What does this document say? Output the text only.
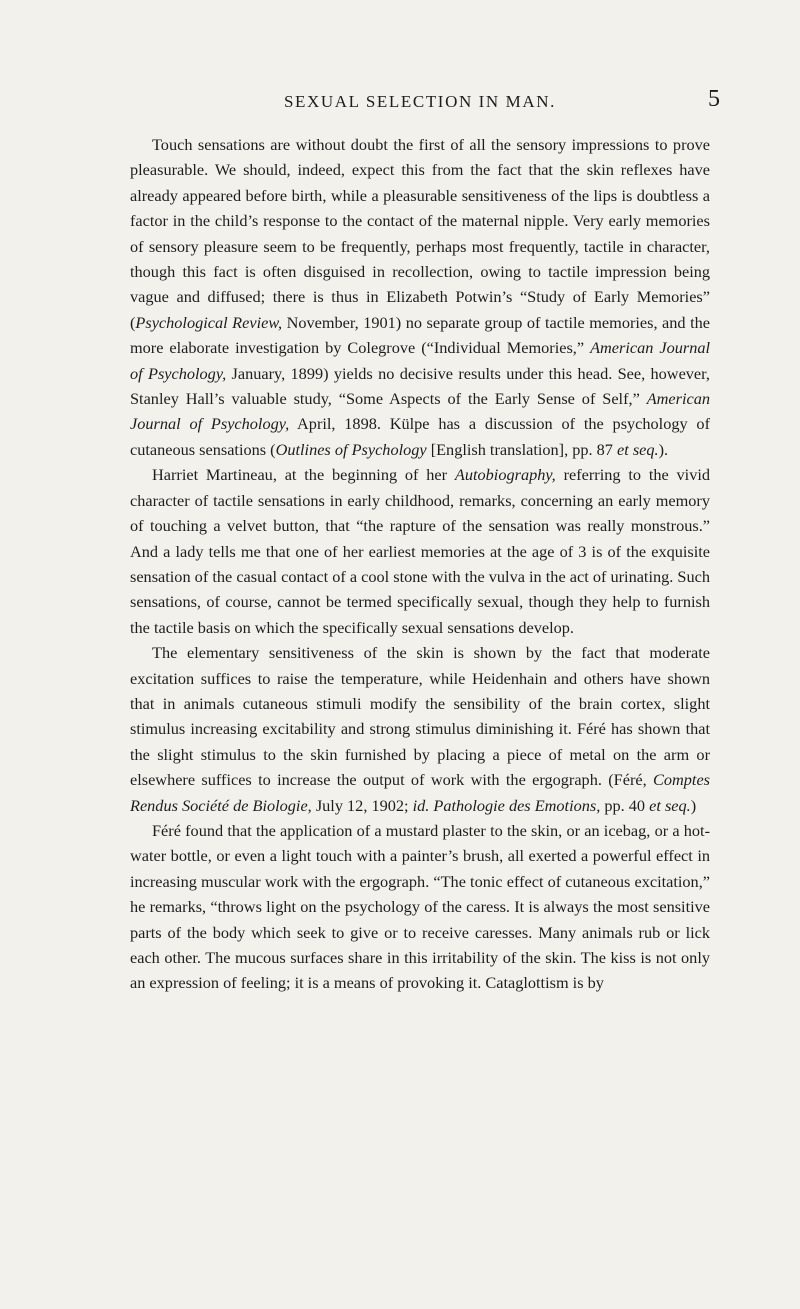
SEXUAL SELECTION IN MAN.	5

Touch sensations are without doubt the first of all the sensory impressions to prove pleasurable. We should, indeed, expect this from the fact that the skin reflexes have already appeared before birth, while a pleasurable sensitiveness of the lips is doubtless a factor in the child’s response to the contact of the maternal nipple. Very early memories of sensory pleasure seem to be frequently, perhaps most frequently, tactile in character, though this fact is often disguised in recollection, owing to tactile impression being vague and diffused; there is thus in Elizabeth Potwin’s “Study of Early Memories” (Psychological Review, November, 1901) no separate group of tactile memories, and the more elaborate investigation by Colegrove (“Individual Memories,” American Journal of Psychology, January, 1899) yields no decisive results under this head. See, however, Stanley Hall’s valuable study, “Some Aspects of the Early Sense of Self,” American Journal of Psychology, April, 1898. Külpe has a discussion of the psychology of cutaneous sensations (Outlines of Psychology [English translation], pp. 87 et seq.).

Harriet Martineau, at the beginning of her Autobiography, referring to the vivid character of tactile sensations in early childhood, remarks, concerning an early memory of touching a velvet button, that “the rapture of the sensation was really monstrous.” And a lady tells me that one of her earliest memories at the age of 3 is of the exquisite sensation of the casual contact of a cool stone with the vulva in the act of urinating. Such sensations, of course, cannot be termed specifically sexual, though they help to furnish the tactile basis on which the specifically sexual sensations develop.

The elementary sensitiveness of the skin is shown by the fact that moderate excitation suffices to raise the temperature, while Heidenhain and others have shown that in animals cutaneous stimuli modify the sensibility of the brain cortex, slight stimulus increasing excitability and strong stimulus diminishing it. Féré has shown that the slight stimulus to the skin furnished by placing a piece of metal on the arm or elsewhere suffices to increase the output of work with the ergograph. (Féré, Comptes Rendus Société de Biologie, July 12, 1902; id. Pathologie des Emotions, pp. 40 et seq.)

Féré found that the application of a mustard plaster to the skin, or an icebag, or a hot-water bottle, or even a light touch with a painter’s brush, all exerted a powerful effect in increasing muscular work with the ergograph. “The tonic effect of cutaneous excitation,” he remarks, “throws light on the psychology of the caress. It is always the most sensitive parts of the body which seek to give or to receive caresses. Many animals rub or lick each other. The mucous surfaces share in this irritability of the skin. The kiss is not only an expression of feeling; it is a means of provoking it. Cataglottism is by
